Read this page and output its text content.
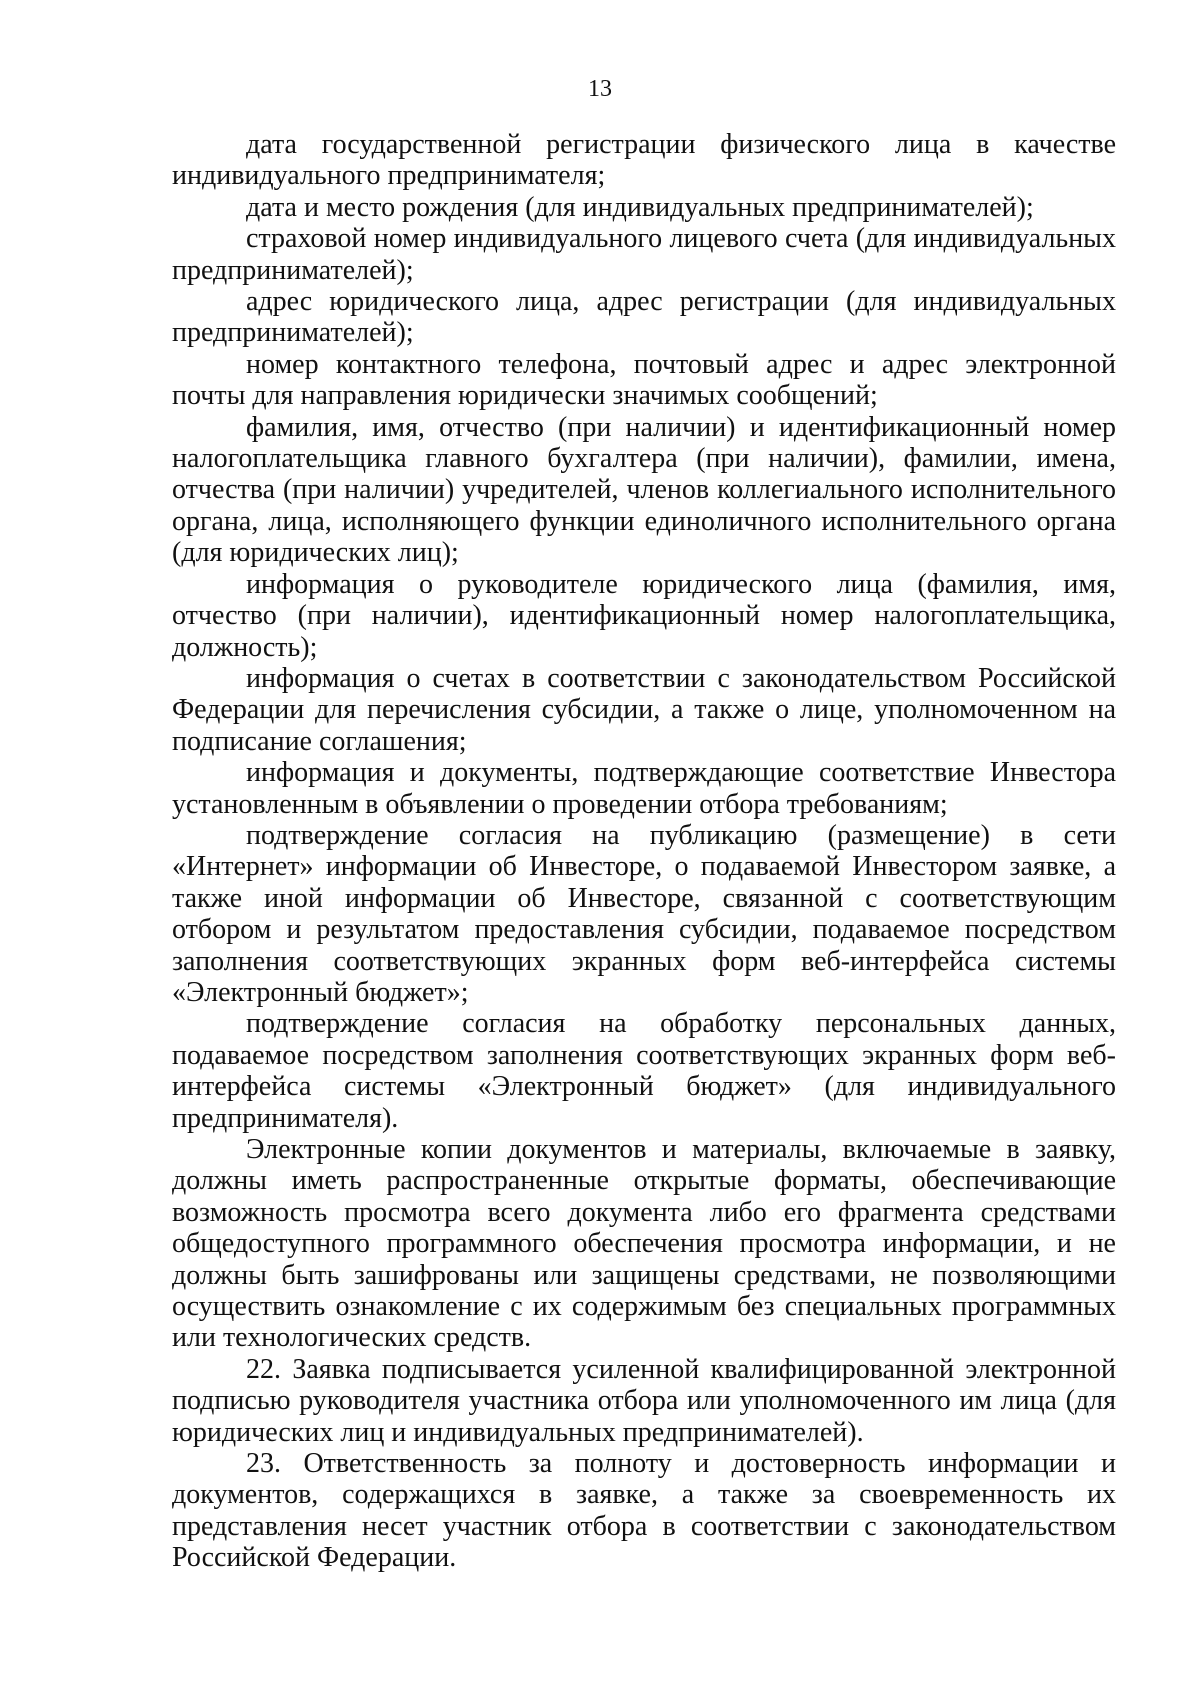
13

дата государственной регистрации физического лица в качестве индивидуального предпринимателя;

дата и место рождения (для индивидуальных предпринимателей);

страховой номер индивидуального лицевого счета (для индивидуальных предпринимателей);

адрес юридического лица, адрес регистрации (для индивидуальных предпринимателей);

номер контактного телефона, почтовый адрес и адрес электронной почты для направления юридически значимых сообщений;

фамилия, имя, отчество (при наличии) и идентификационный номер налогоплательщика главного бухгалтера (при наличии), фамилии, имена, отчества (при наличии) учредителей, членов коллегиального исполнительного органа, лица, исполняющего функции единоличного исполнительного органа (для юридических лиц);

информация о руководителе юридического лица (фамилия, имя, отчество (при наличии), идентификационный номер налогоплательщика, должность);

информация о счетах в соответствии с законодательством Российской Федерации для перечисления субсидии, а также о лице, уполномоченном на подписание соглашения;

информация и документы, подтверждающие соответствие Инвестора установленным в объявлении о проведении отбора требованиям;

подтверждение согласия на публикацию (размещение) в сети «Интернет» информации об Инвесторе, о подаваемой Инвестором заявке, а также иной информации об Инвесторе, связанной с соответствующим отбором и результатом предоставления субсидии, подаваемое посредством заполнения соответствующих экранных форм веб-интерфейса системы «Электронный бюджет»;

подтверждение согласия на обработку персональных данных, подаваемое посредством заполнения соответствующих экранных форм веб-интерфейса системы «Электронный бюджет» (для индивидуального предпринимателя).

Электронные копии документов и материалы, включаемые в заявку, должны иметь распространенные открытые форматы, обеспечивающие возможность просмотра всего документа либо его фрагмента средствами общедоступного программного обеспечения просмотра информации, и не должны быть зашифрованы или защищены средствами, не позволяющими осуществить ознакомление с их содержимым без специальных программных или технологических средств.

22. Заявка подписывается усиленной квалифицированной электронной подписью руководителя участника отбора или уполномоченного им лица (для юридических лиц и индивидуальных предпринимателей).

23. Ответственность за полноту и достоверность информации и документов, содержащихся в заявке, а также за своевременность их представления несет участник отбора в соответствии с законодательством Российской Федерации.
